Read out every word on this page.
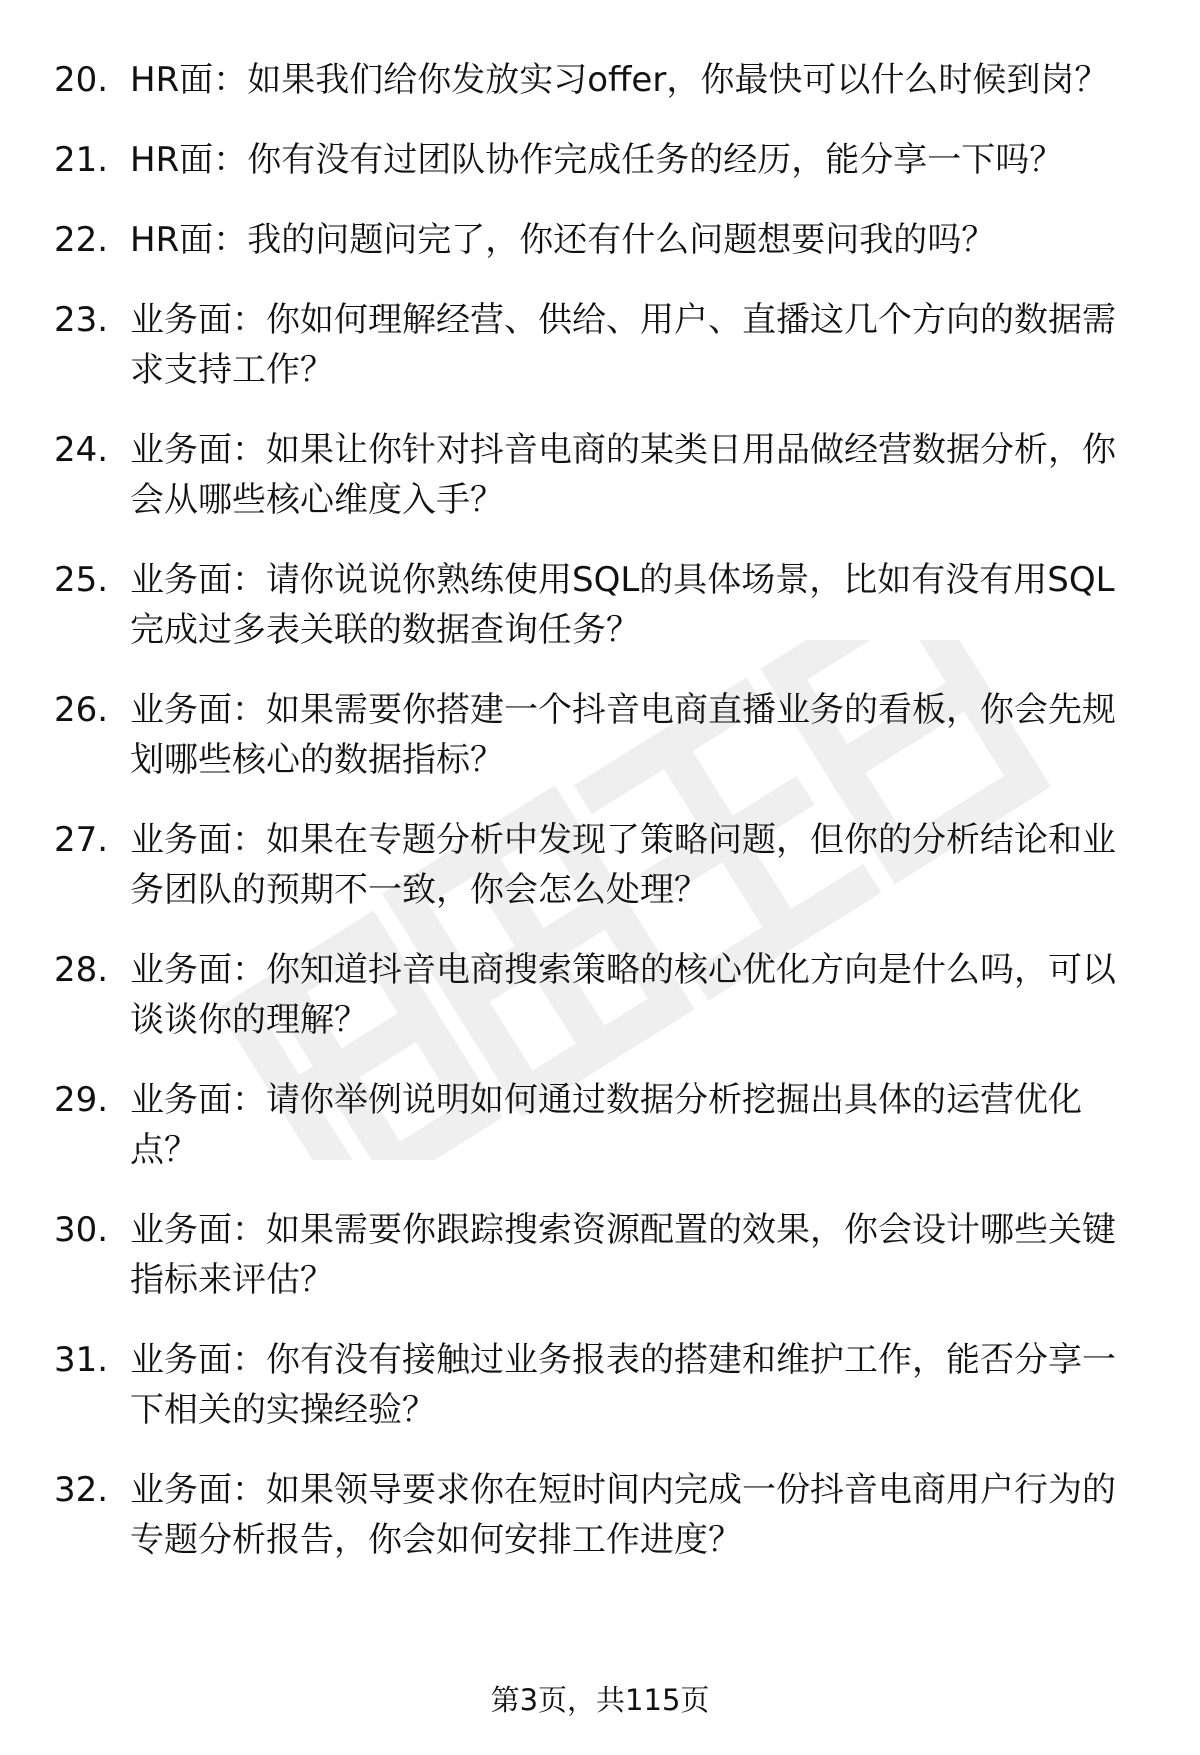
20. HR面：如果我们给你发放实习offer，你最快可以什么时候到岗？
21. HR面：你有没有过团队协作完成任务的经历，能分享一下吗？
22. HR面：我的问题问完了，你还有什么问题想要问我的吗？
23. 业务面：你如何理解经营、供给、用户、直播这几个方向的数据需求支持工作？
24. 业务面：如果让你针对抖音电商的某类日用品做经营数据分析，你会从哪些核心维度入手？
25. 业务面：请你说说你熟练使用SQL的具体场景，比如有没有用SQL完成过多表关联的数据查询任务？
26. 业务面：如果需要你搭建一个抖音电商直播业务的看板，你会先规划哪些核心的数据指标？
27. 业务面：如果在专题分析中发现了策略问题，但你的分析结论和业务团队的预期不一致，你会怎么处理？
28. 业务面：你知道抖音电商搜索策略的核心优化方向是什么吗，可以谈谈你的理解？
29. 业务面：请你举例说明如何通过数据分析挖掘出具体的运营优化点？
30. 业务面：如果需要你跟踪搜索资源配置的效果，你会设计哪些关键指标来评估？
31. 业务面：你有没有接触过业务报表的搭建和维护工作，能否分享一下相关的实操经验？
32. 业务面：如果领导要求你在短时间内完成一份抖音电商用户行为的专题分析报告，你会如何安排工作进度？
第3页，共115页
